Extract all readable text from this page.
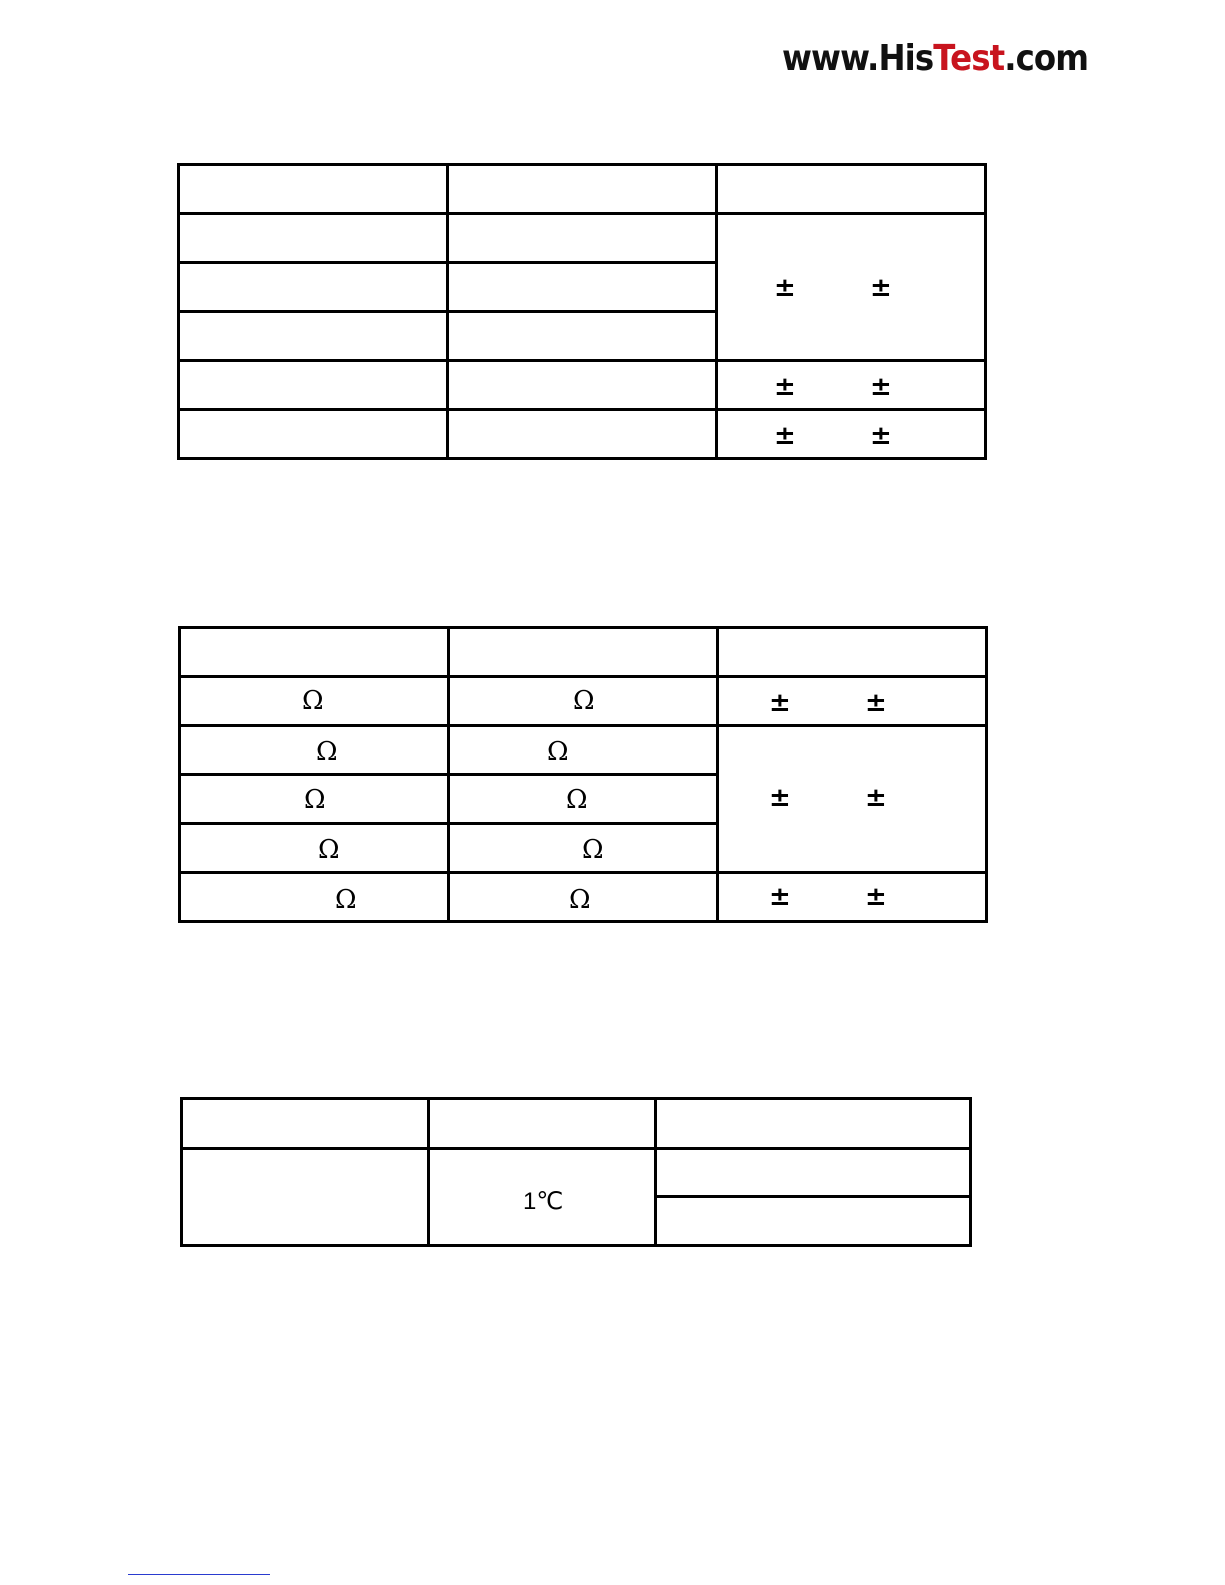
www.HisTest.com

		± ±

		± ±

		± ±

Ω	Ω	± ±

Ω	Ω	± ±

Ω	Ω	

Ω	Ω	

Ω	Ω	± ±

	1℃	
